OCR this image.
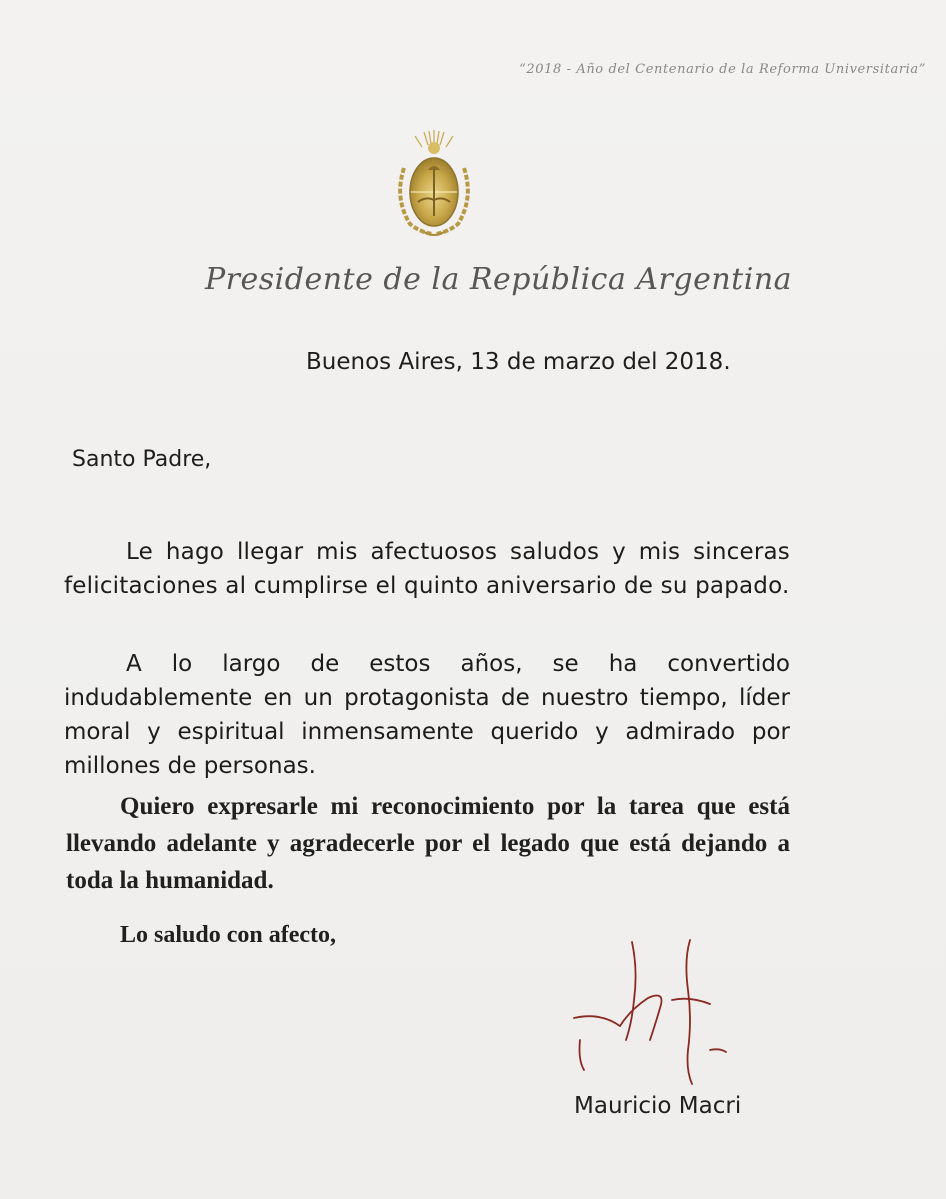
“2018 - Año del Centenario de la Reforma Universitaria”
Presidente de la República Argentina
Buenos Aires, 13 de marzo del 2018.
Santo Padre,

Le hago llegar mis afectuosos saludos y mis sinceras felicitaciones al cumplirse el quinto aniversario de su papado.

A lo largo de estos años, se ha convertido indudablemente en un protagonista de nuestro tiempo, líder moral y espiritual inmensamente querido y admirado por millones de personas.

Quiero expresarle mi reconocimiento por la tarea que está llevando adelante y agradecerle por el legado que está dejando a toda la humanidad.

Lo saludo con afecto,
Mauricio Macri
